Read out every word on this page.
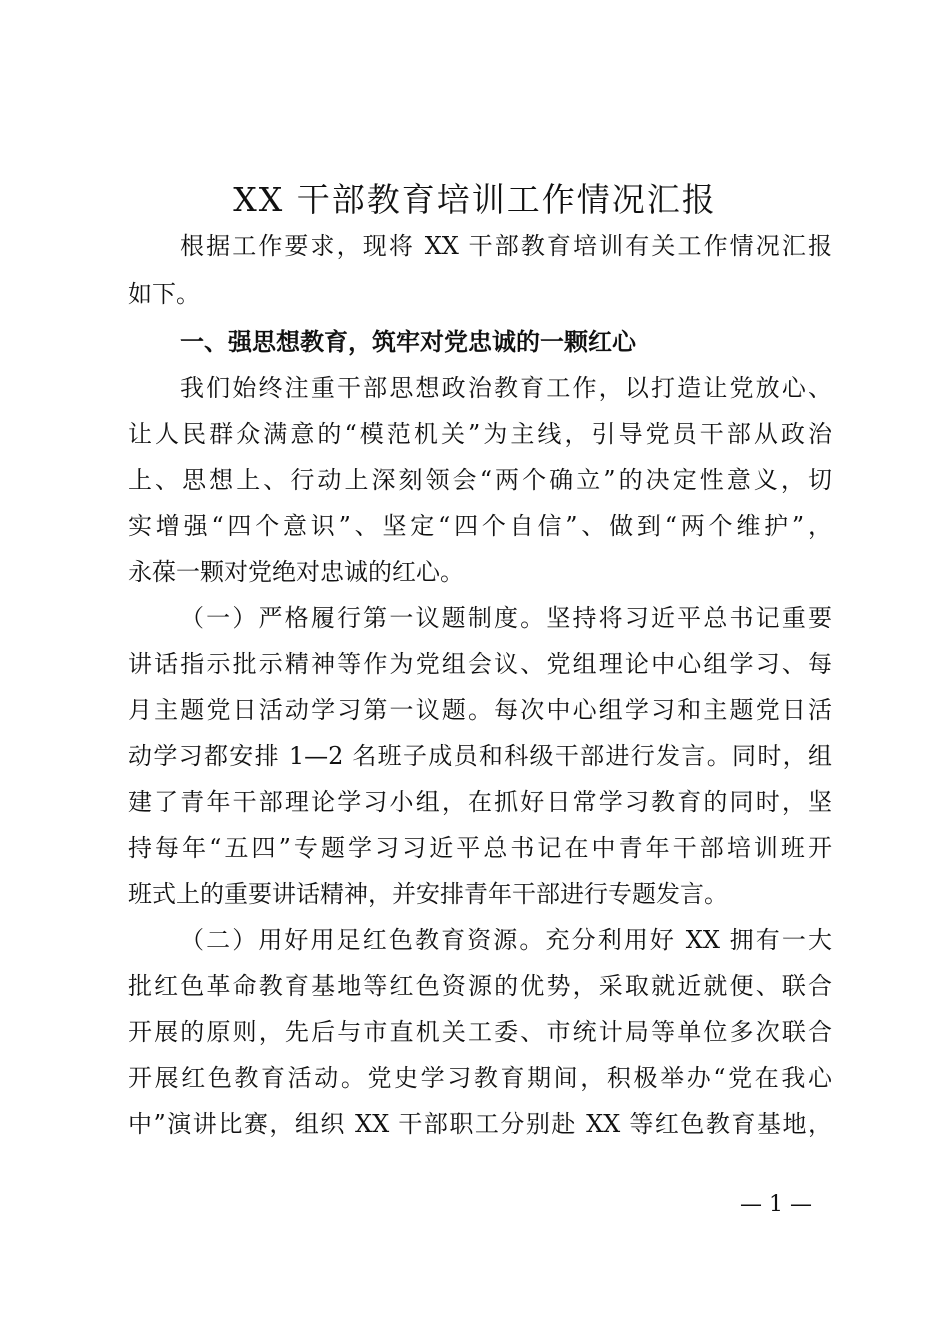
XX 干部教育培训工作情况汇报
根据工作要求，现将 XX 干部教育培训有关工作情况汇报
如下。
一、强思想教育，筑牢对党忠诚的一颗红心
我们始终注重干部思想政治教育工作，以打造让党放心、
让人民群众满意的“模范机关”为主线，引导党员干部从政治
上、思想上、行动上深刻领会“两个确立”的决定性意义，切
实增强“四个意识”、坚定“四个自信”、做到“两个维护”，
永葆一颗对党绝对忠诚的红心。
（一）严格履行第一议题制度。坚持将习近平总书记重要
讲话指示批示精神等作为党组会议、党组理论中心组学习、每
月主题党日活动学习第一议题。每次中心组学习和主题党日活
动学习都安排 1—2 名班子成员和科级干部进行发言。同时，组
建了青年干部理论学习小组，在抓好日常学习教育的同时，坚
持每年“五四”专题学习习近平总书记在中青年干部培训班开
班式上的重要讲话精神，并安排青年干部进行专题发言。
（二）用好用足红色教育资源。充分利用好 XX 拥有一大
批红色革命教育基地等红色资源的优势，采取就近就便、联合
开展的原则，先后与市直机关工委、市统计局等单位多次联合
开展红色教育活动。党史学习教育期间，积极举办“党在我心
中”演讲比赛，组织 XX 干部职工分别赴 XX 等红色教育基地，
— 1 —
